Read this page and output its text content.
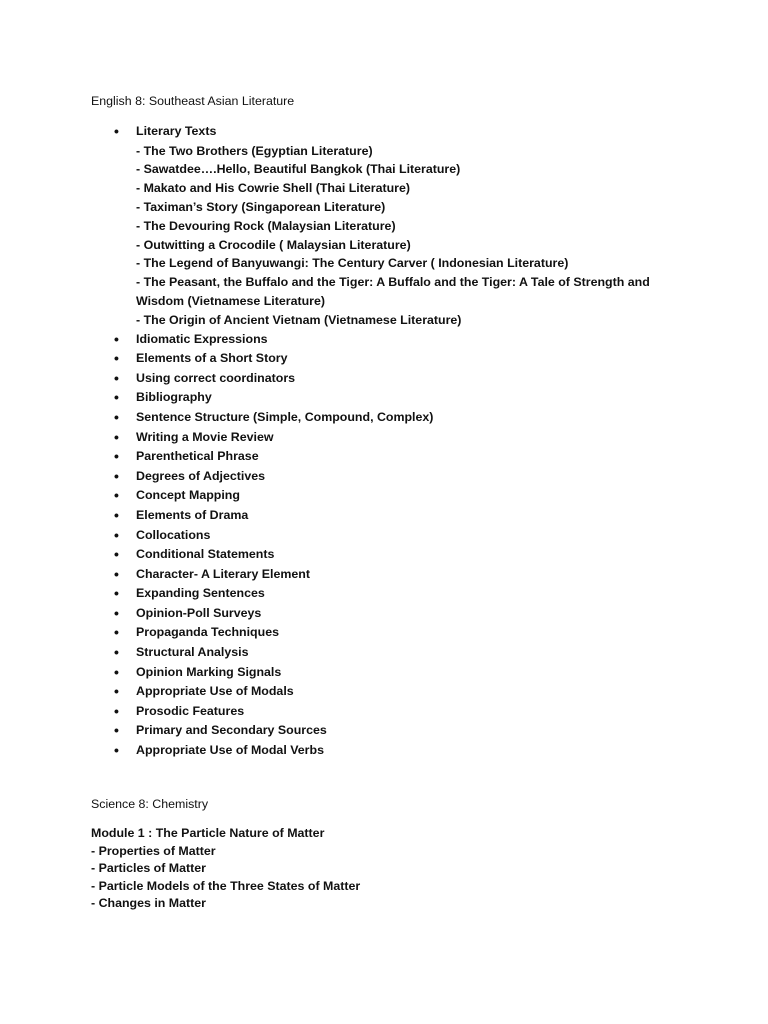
English 8: Southeast Asian Literature
• Literary Texts
- The Two Brothers (Egyptian Literature)
- Sawatdee….Hello, Beautiful Bangkok (Thai Literature)
- Makato and His Cowrie Shell (Thai Literature)
- Taximan’s Story (Singaporean Literature)
- The Devouring Rock (Malaysian Literature)
- Outwitting a Crocodile ( Malaysian Literature)
- The Legend of Banyuwangi: The Century Carver ( Indonesian Literature)
- The Peasant, the Buffalo and the Tiger: A Buffalo and the Tiger: A Tale of Strength and Wisdom (Vietnamese Literature)
- The Origin of Ancient Vietnam (Vietnamese Literature)
• Idiomatic Expressions
• Elements of a Short Story
• Using correct coordinators
• Bibliography
• Sentence Structure (Simple, Compound, Complex)
• Writing a Movie Review
• Parenthetical Phrase
• Degrees of Adjectives
• Concept Mapping
• Elements of Drama
• Collocations
• Conditional Statements
• Character- A Literary Element
• Expanding Sentences
• Opinion-Poll Surveys
• Propaganda Techniques
• Structural Analysis
• Opinion Marking Signals
• Appropriate Use of Modals
• Prosodic Features
• Primary and Secondary Sources
• Appropriate Use of Modal Verbs
Science 8: Chemistry
Module 1 : The Particle Nature of Matter
- Properties of Matter
- Particles of Matter
- Particle Models of the Three States of Matter
- Changes in Matter
